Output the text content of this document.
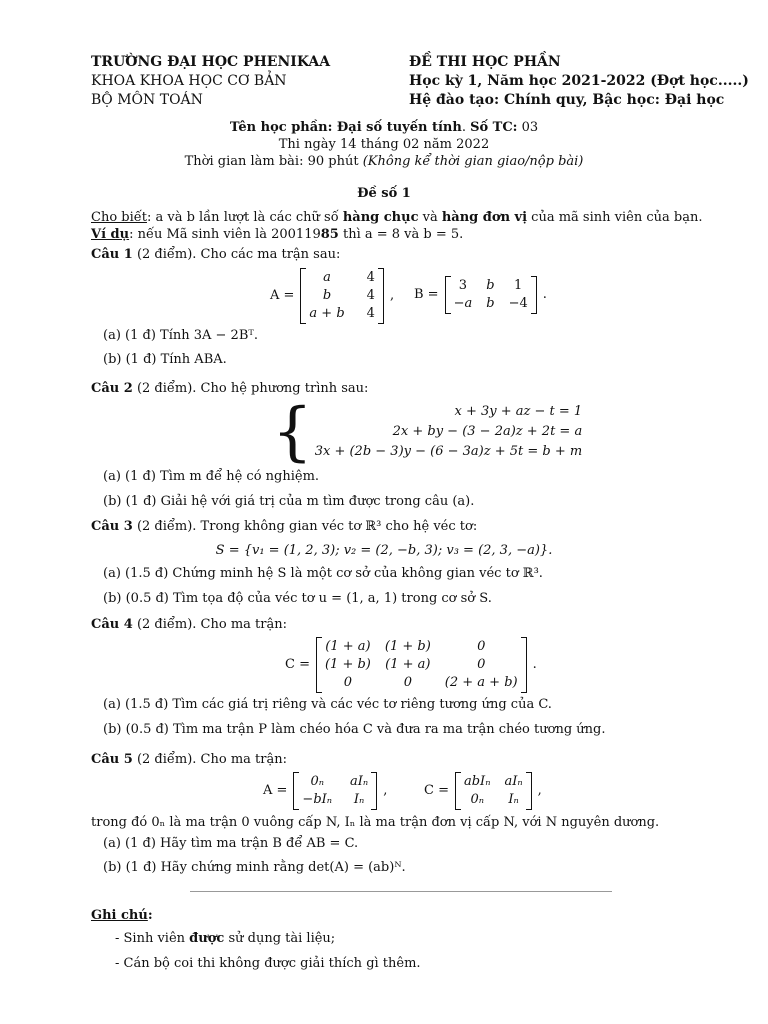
TRƯỜNG ĐẠI HỌC PHENIKAA
KHOA KHOA HỌC CƠ BẢN
BỘ MÔN TOÁN
ĐỀ THI HỌC PHẦN
Học kỳ 1, Năm học 2021-2022 (Đợt học.....)
Hệ đào tạo: Chính quy, Bậc học: Đại học
Tên học phần: Đại số tuyến tính. Số TC: 03
Thi ngày 14 tháng 02 năm 2022
Thời gian làm bài: 90 phút (Không kể thời gian giao/nộp bài)
Đề số 1
Cho biết: a và b lần lượt là các chữ số hàng chục và hàng đơn vị của mã sinh viên của bạn.
Ví dụ: nếu Mã sinh viên là 20011985 thì a = 8 và b = 5.
Câu 1 (2 điểm). Cho các ma trận sau:
A =
a	4
b	4
a + b 4
, B =
3	b	1
−a b −4
.
(a) (1 đ) Tính 3A − 2Bᵀ.
(b) (1 đ) Tính ABA.
Câu 2 (2 điểm). Cho hệ phương trình sau:
{	x + 3y + az − t = 1
2x + by − (3 − 2a)z + 2t = a
3x + (2b − 3)y − (6 − 3a)z + 5t = b + m
(a) (1 đ) Tìm m để hệ có nghiệm.
(b) (1 đ) Giải hệ với giá trị của m tìm được trong câu (a).
Câu 3 (2 điểm). Trong không gian véc tơ ℝ³ cho hệ véc tơ:
S = {v₁ = (1, 2, 3); v₂ = (2, −b, 3); v₃ = (2, 3, −a)}.
(a) (1.5 đ) Chứng minh hệ S là một cơ sở của không gian véc tơ ℝ³.
(b) (0.5 đ) Tìm tọa độ của véc tơ u = (1, a, 1) trong cơ sở S.
Câu 4 (2 điểm). Cho ma trận:
C =
(1 + a) (1 + b)	0
(1 + b) (1 + a)	0
0	0	(2 + a + b)
.
(a) (1.5 đ) Tìm các giá trị riêng và các véc tơ riêng tương ứng của C.
(b) (0.5 đ) Tìm ma trận P làm chéo hóa C và đưa ra ma trận chéo tương ứng.
Câu 5 (2 điểm). Cho ma trận:
A =
0ₙ	aIₙ
−bIₙ Iₙ
,	C =
abIₙ aIₙ
0ₙ	Iₙ
,
trong đó 0ₙ là ma trận 0 vuông cấp N, Iₙ là ma trận đơn vị cấp N, với N nguyên dương.
(a) (1 đ) Hãy tìm ma trận B để AB = C.
(b) (1 đ) Hãy chứng minh rằng det(A) = (ab)ᴺ.
Ghi chú:
- Sinh viên được sử dụng tài liệu;
- Cán bộ coi thi không được giải thích gì thêm.
